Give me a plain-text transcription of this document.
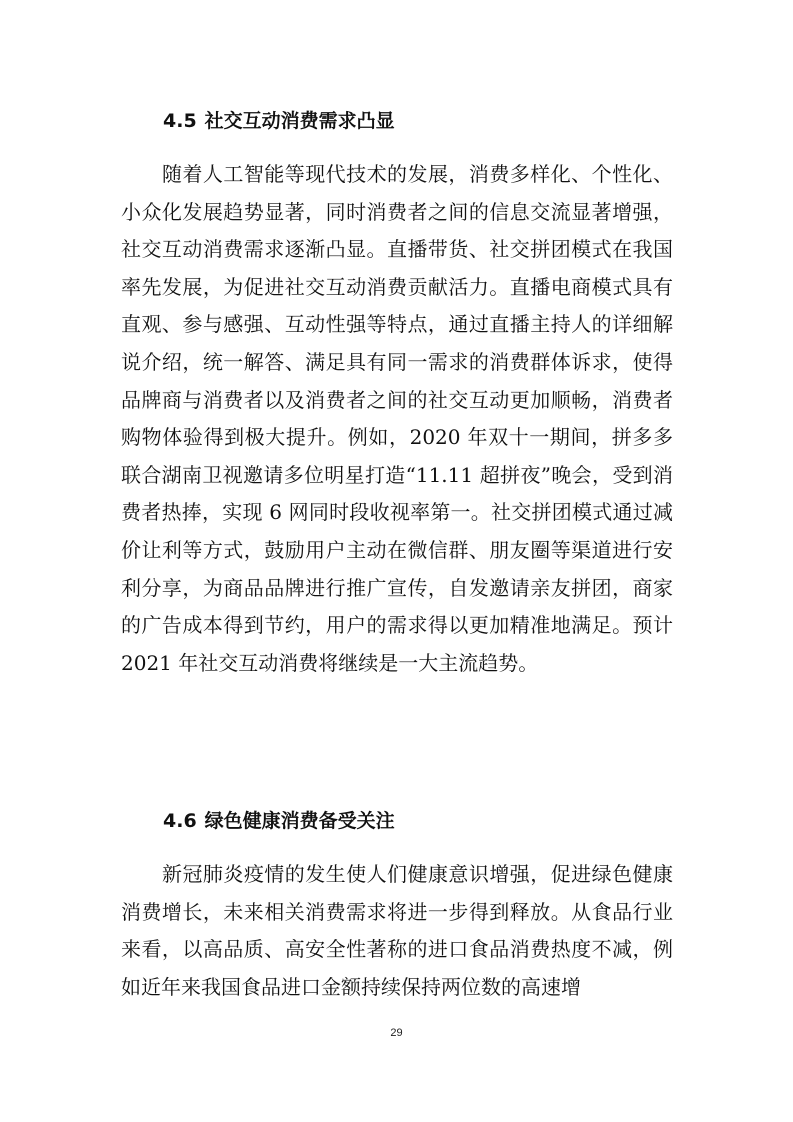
4.5 社交互动消费需求凸显

随着人工智能等现代技术的发展，消费多样化、个性化、小众化发展趋势显著，同时消费者之间的信息交流显著增强，社交互动消费需求逐渐凸显。直播带货、社交拼团模式在我国率先发展，为促进社交互动消费贡献活力。直播电商模式具有直观、参与感强、互动性强等特点，通过直播主持人的详细解说介绍，统一解答、满足具有同一需求的消费群体诉求，使得品牌商与消费者以及消费者之间的社交互动更加顺畅，消费者购物体验得到极大提升。例如，2020 年双十一期间，拼多多联合湖南卫视邀请多位明星打造“11.11 超拼夜”晚会，受到消费者热捧，实现 6 网同时段收视率第一。社交拼团模式通过减价让利等方式，鼓励用户主动在微信群、朋友圈等渠道进行安利分享，为商品品牌进行推广宣传，自发邀请亲友拼团，商家的广告成本得到节约，用户的需求得以更加精准地满足。预计 2021 年社交互动消费将继续是一大主流趋势。

4.6 绿色健康消费备受关注

新冠肺炎疫情的发生使人们健康意识增强，促进绿色健康消费增长，未来相关消费需求将进一步得到释放。从食品行业来看，以高品质、高安全性著称的进口食品消费热度不减，例如近年来我国食品进口金额持续保持两位数的高速增

29
